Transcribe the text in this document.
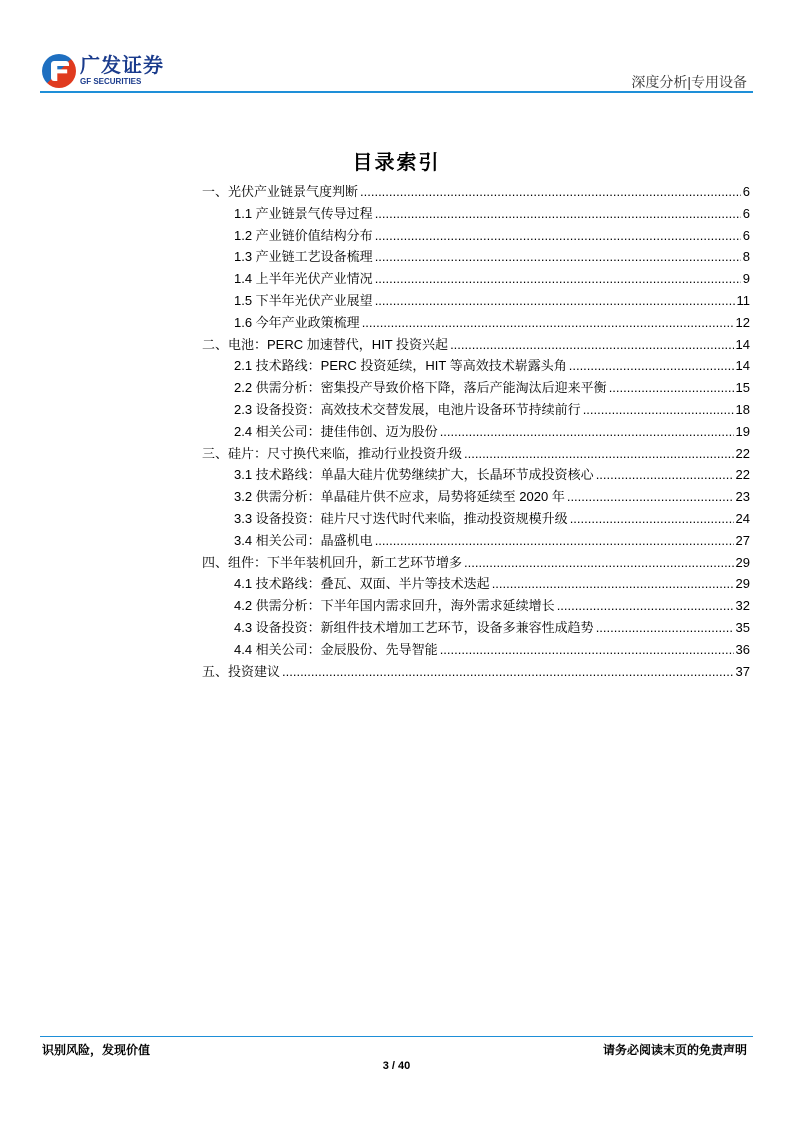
广发证券
GF SECURITIES	深度分析|专用设备
目录索引
一、光伏产业链景气度判断 .....	6
1.1 产业链景气传导过程 .....	6
1.2 产业链价值结构分布 .....	6
1.3 产业链工艺设备梳理 .....	8
1.4 上半年光伏产业情况 .....	9
1.5 下半年光伏产业展望 .....	11
1.6 今年产业政策梳理 .....	12
二、电池：PERC 加速替代，HIT 投资兴起 .....	14
2.1 技术路线：PERC 投资延续，HIT 等高效技术崭露头角 .....	14
2.2 供需分析：密集投产导致价格下降，落后产能淘汰后迎来平衡 .....	15
2.3 设备投资：高效技术交替发展，电池片设备环节持续前行 .....	18
2.4 相关公司：捷佳伟创、迈为股份 .....	19
三、硅片：尺寸换代来临，推动行业投资升级 .....	22
3.1 技术路线：单晶大硅片优势继续扩大，长晶环节成投资核心 .....	22
3.2 供需分析：单晶硅片供不应求，局势将延续至 2020 年 .....	23
3.3 设备投资：硅片尺寸迭代时代来临，推动投资规模升级 .....	24
3.4 相关公司：晶盛机电 .....	27
四、组件：下半年装机回升，新工艺环节增多 .....	29
4.1 技术路线：叠瓦、双面、半片等技术迭起 .....	29
4.2 供需分析：下半年国内需求回升，海外需求延续增长 .....	32
4.3 设备投资：新组件技术增加工艺环节，设备多兼容性成趋势 .....	35
4.4 相关公司：金辰股份、先导智能 .....	36
五、投资建议 .....	37
识别风险，发现价值	请务必阅读末页的免责声明
3 / 40
